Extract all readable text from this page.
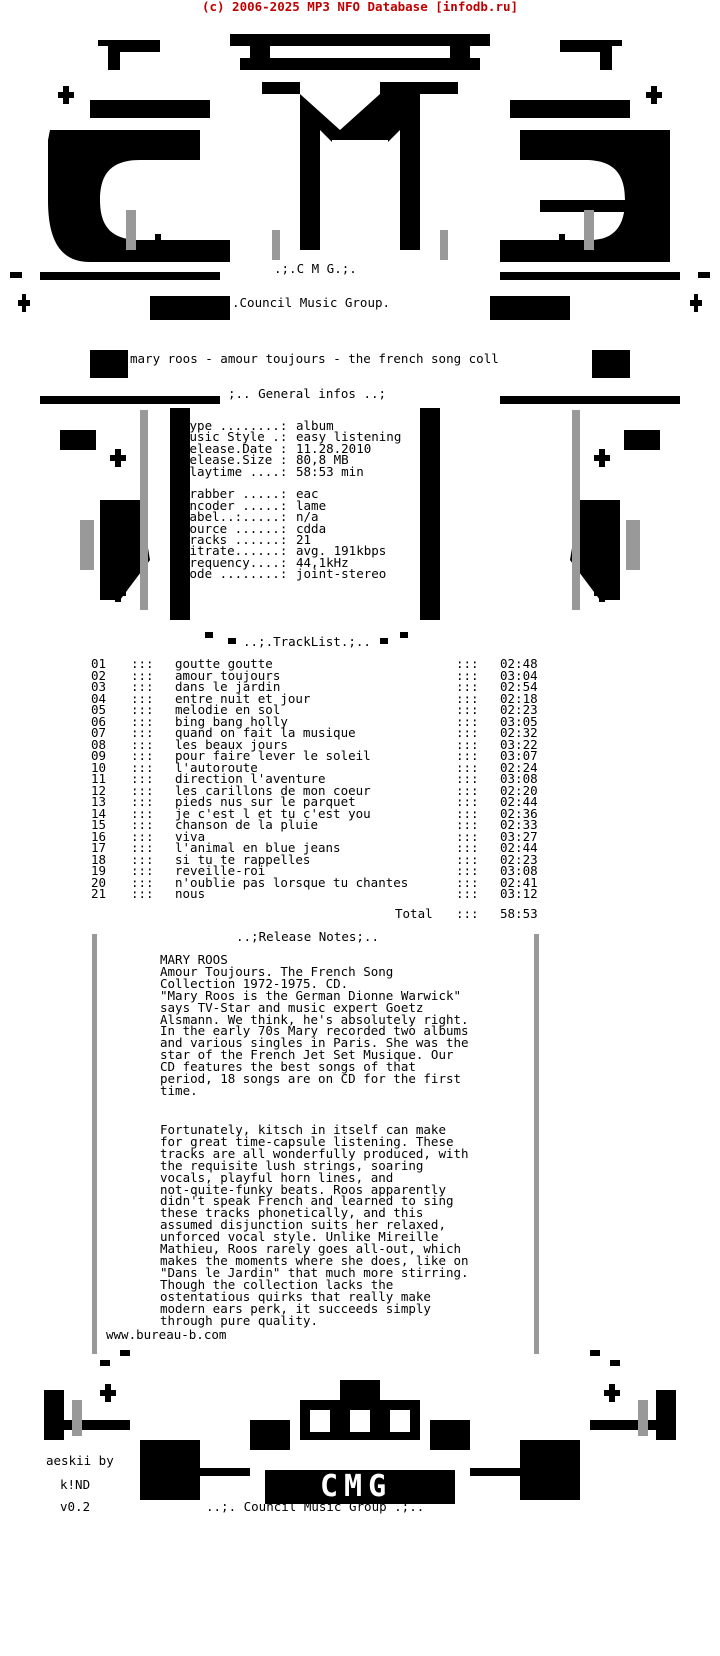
(c) 2006-2025 MP3 NFO Database [infodb.ru]
CMG
.;.C M G.;.
.Council Music Group.
mary roos - amour toujours - the french song coll
;.. General infos ..;
Type ........: album
Music Style .: easy listening
Release.Date : 11.28.2010
Release.Size : 80,8 MB
Playtime ....: 58:53 min
Grabber .....: eac
Encoder .....: lame
Label..:.....: n/a
Source ......: cdda
Tracks ......: 21
Bitrate......: avg. 191kbps
Frequency....: 44,1kHz
Mode ........: joint-stereo
..;.TrackList.;..
01 ::: goutte goutte	::: 02:48
02 ::: amour toujours	::: 03:04
03 ::: dans le jardin	::: 02:54
04 ::: entre nuit et jour	::: 02:18
05 ::: melodie en sol	::: 02:23
06 ::: bing bang holly	::: 03:05
07 ::: quand on fait la musique	::: 02:32
08 ::: les beaux jours	::: 03:22
09 ::: pour faire lever le soleil	::: 03:07
10 ::: l'autoroute	::: 02:24
11 ::: direction l'aventure	::: 03:08
12 ::: les carillons de mon coeur	::: 02:20
13 ::: pieds nus sur le parquet	::: 02:44
14 ::: je c'est l et tu c'est you	::: 02:36
15 ::: chanson de la pluie	::: 02:33
16 ::: viva	::: 03:27
17 ::: l'animal en blue jeans	::: 02:44
18 ::: si tu te rappelles	::: 02:23
19 ::: reveille-roi	::: 03:08
20 ::: n'oublie pas lorsque tu chantes	::: 02:41
21 ::: nous	::: 03:12
Total ::: 58:53
..;Release Notes;..
MARY ROOS
Amour Toujours. The French Song
Collection 1972-1975. CD.
"Mary Roos is the German Dionne Warwick"
says TV-Star and music expert Goetz
Alsmann. We think, he's absolutely right.
In the early 70s Mary recorded two albums
and various singles in Paris. She was the
star of the French Jet Set Musique. Our
CD features the best songs of that
period, 18 songs are on CD for the first
time.
Fortunately, kitsch in itself can make
for great time-capsule listening. These
tracks are all wonderfully produced, with
the requisite lush strings, soaring
vocals, playful horn lines, and
not-quite-funky beats. Roos apparently
didn't speak French and learned to sing
these tracks phonetically, and this
assumed disjunction suits her relaxed,
unforced vocal style. Unlike Mireille
Mathieu, Roos rarely goes all-out, which
makes the moments where she does, like on
"Dans le Jardin" that much more stirring.
Though the collection lacks the
ostentatious quirks that really make
modern ears perk, it succeeds simply
through pure quality.
www.bureau-b.com
aeskii by
k!ND
v0.2	..;. Council Music Group .;..
